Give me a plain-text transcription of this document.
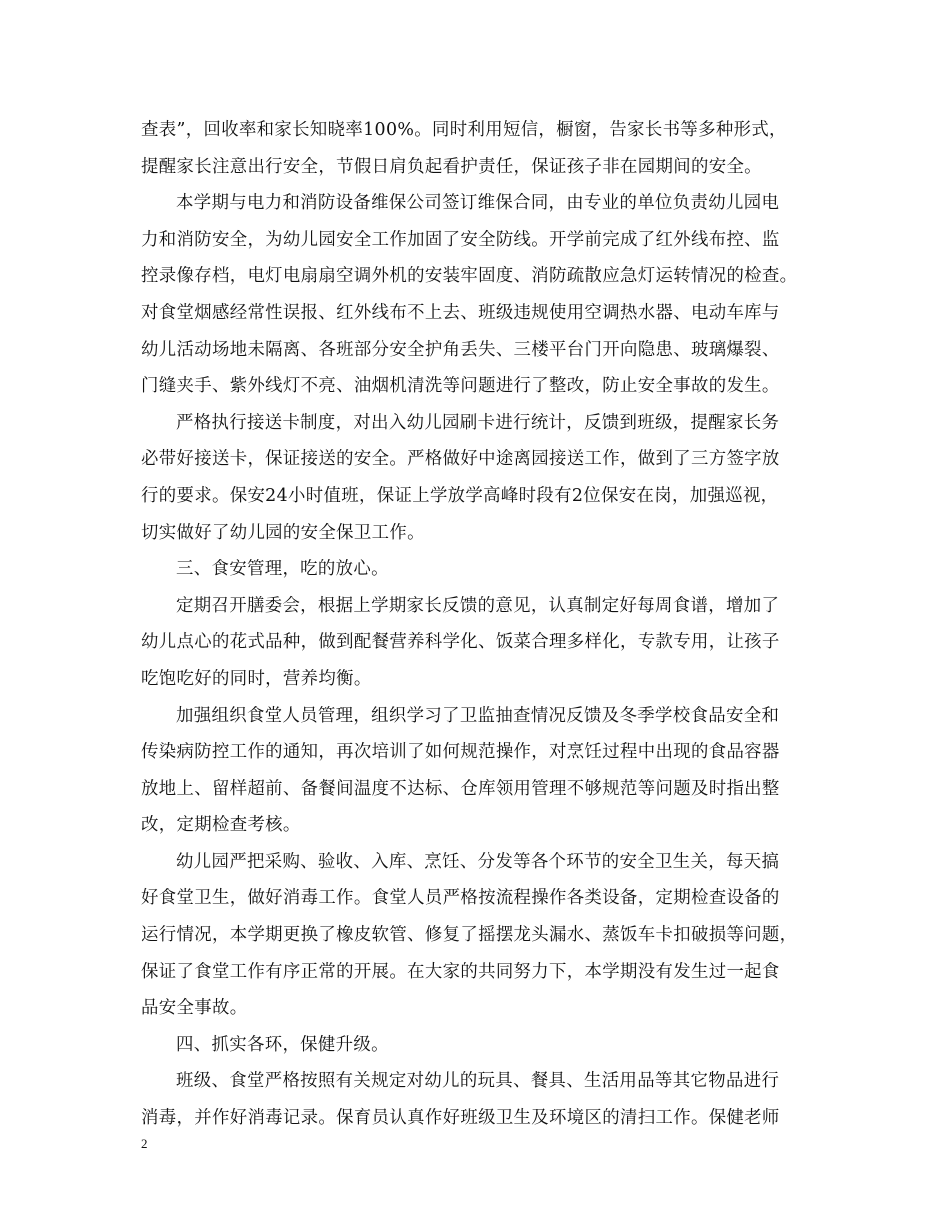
查表”，回收率和家长知晓率100%。同时利用短信，橱窗，告家长书等多种形式，
提醒家长注意出行安全，节假日肩负起看护责任，保证孩子非在园期间的安全。
本学期与电力和消防设备维保公司签订维保合同，由专业的单位负责幼儿园电
力和消防安全，为幼儿园安全工作加固了安全防线。开学前完成了红外线布控、监
控录像存档，电灯电扇扇空调外机的安装牢固度、消防疏散应急灯运转情况的检查。
对食堂烟感经常性误报、红外线布不上去、班级违规使用空调热水器、电动车库与
幼儿活动场地未隔离、各班部分安全护角丢失、三楼平台门开向隐患、玻璃爆裂、
门缝夹手、紫外线灯不亮、油烟机清洗等问题进行了整改，防止安全事故的发生。
严格执行接送卡制度，对出入幼儿园刷卡进行统计，反馈到班级，提醒家长务
必带好接送卡，保证接送的安全。严格做好中途离园接送工作，做到了三方签字放
行的要求。保安24小时值班，保证上学放学高峰时段有2位保安在岗，加强巡视，
切实做好了幼儿园的安全保卫工作。
三、食安管理，吃的放心。
定期召开膳委会，根据上学期家长反馈的意见，认真制定好每周食谱，增加了
幼儿点心的花式品种，做到配餐营养科学化、饭菜合理多样化，专款专用，让孩子
吃饱吃好的同时，营养均衡。
加强组织食堂人员管理，组织学习了卫监抽查情况反馈及冬季学校食品安全和
传染病防控工作的通知，再次培训了如何规范操作，对烹饪过程中出现的食品容器
放地上、留样超前、备餐间温度不达标、仓库领用管理不够规范等问题及时指出整
改，定期检查考核。
幼儿园严把采购、验收、入库、烹饪、分发等各个环节的安全卫生关，每天搞
好食堂卫生，做好消毒工作。食堂人员严格按流程操作各类设备，定期检查设备的
运行情况，本学期更换了橡皮软管、修复了摇摆龙头漏水、蒸饭车卡扣破损等问题，
保证了食堂工作有序正常的开展。在大家的共同努力下，本学期没有发生过一起食
品安全事故。
四、抓实各环，保健升级。
班级、食堂严格按照有关规定对幼儿的玩具、餐具、生活用品等其它物品进行
消毒，并作好消毒记录。保育员认真作好班级卫生及环境区的清扫工作。保健老师
2
